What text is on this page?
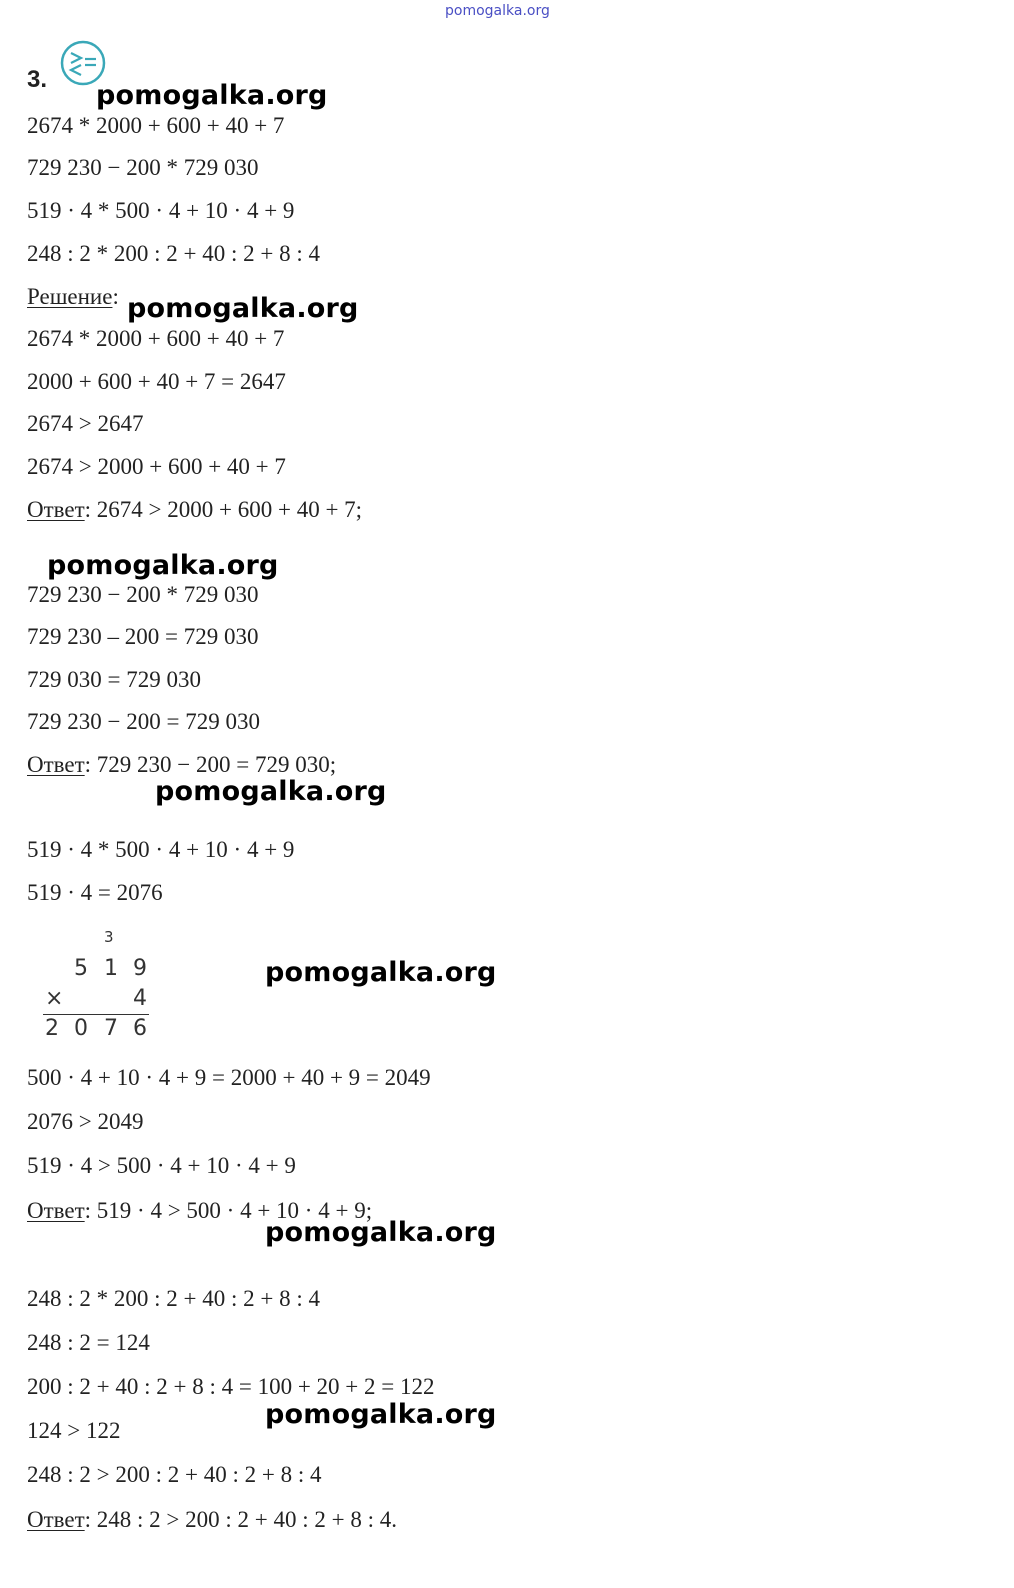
pomogalka.org
3.
pomogalka.org
pomogalka.org
pomogalka.org
pomogalka.org
pomogalka.org
pomogalka.org
pomogalka.org
2674 * 2000 + 600 + 40 + 7
729 230 − 200 * 729 030
519 · 4 * 500 · 4 + 10 · 4 + 9
248 : 2 * 200 : 2 + 40 : 2 + 8 : 4
Решение:
2674 * 2000 + 600 + 40 + 7
2000 + 600 + 40 + 7 = 2647
2674 > 2647
2674 > 2000 + 600 + 40 + 7
Ответ: 2674 > 2000 + 600 + 40 + 7;
729 230 − 200 * 729 030
729 230 – 200 = 729 030
729 030 = 729 030
729 230 − 200 = 729 030
Ответ: 729 230 − 200 = 729 030;
519 · 4 * 500 · 4 + 10 · 4 + 9
519 · 4 = 2076
3
5 1 9
×	4
2 0 7 6
500 · 4 + 10 · 4 + 9 = 2000 + 40 + 9 = 2049
2076 > 2049
519 · 4 > 500 · 4 + 10 · 4 + 9
Ответ: 519 · 4 > 500 · 4 + 10 · 4 + 9;
248 : 2 * 200 : 2 + 40 : 2 + 8 : 4
248 : 2 = 124
200 : 2 + 40 : 2 + 8 : 4 = 100 + 20 + 2 = 122
124 > 122
248 : 2 > 200 : 2 + 40 : 2 + 8 : 4
Ответ: 248 : 2 > 200 : 2 + 40 : 2 + 8 : 4.
